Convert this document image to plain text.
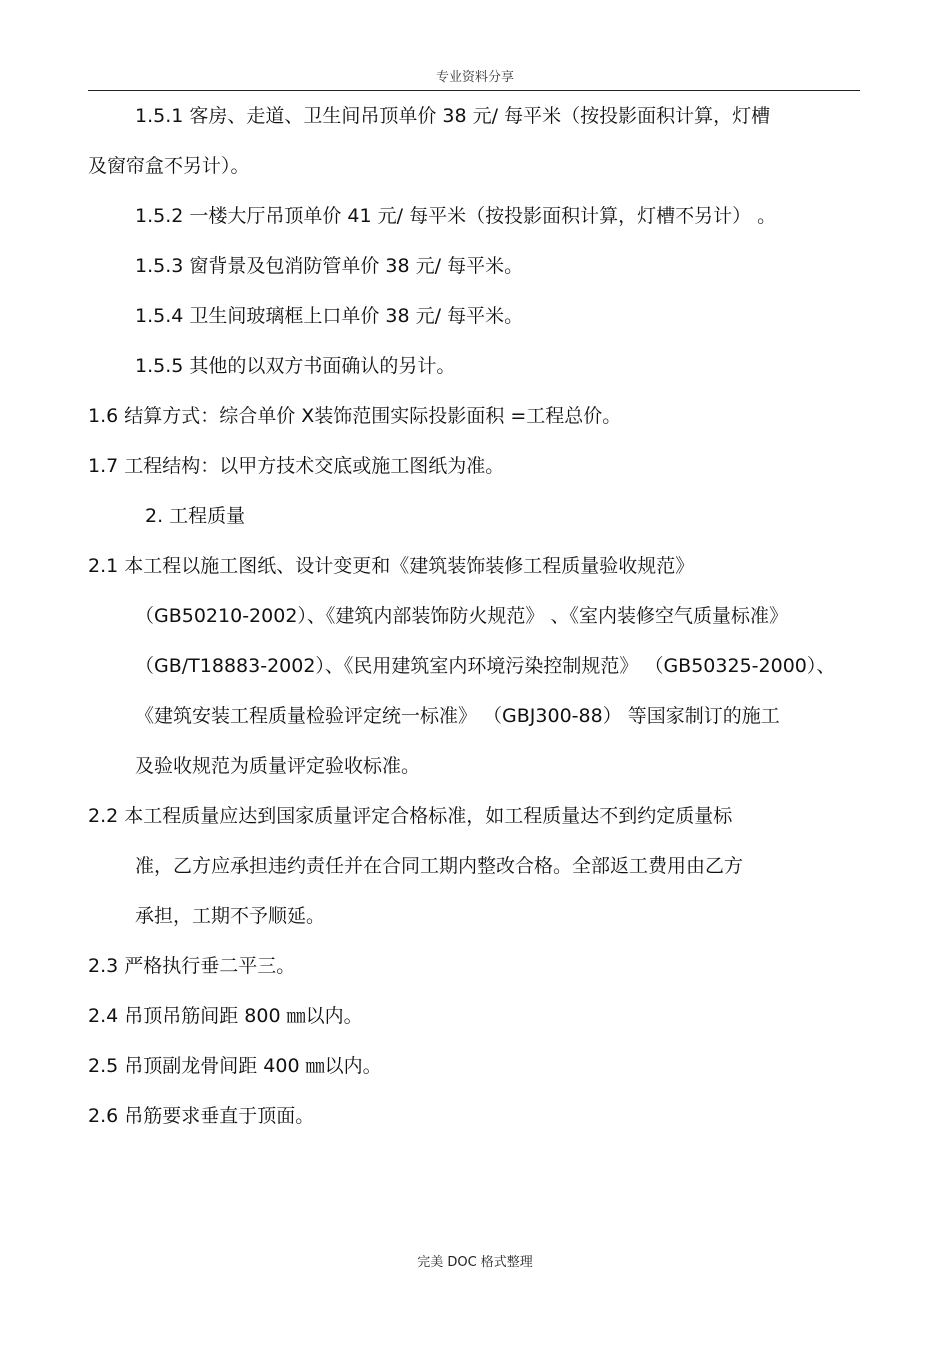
专业资料分享
1.5.1 客房、走道、卫生间吊顶单价 38 元/ 每平米（按投影面积计算，灯槽
及窗帘盒不另计）。
1.5.2 一楼大厅吊顶单价 41 元/ 每平米（按投影面积计算，灯槽不另计） 。
1.5.3 窗背景及包消防管单价 38 元/ 每平米。
1.5.4 卫生间玻璃框上口单价 38 元/ 每平米。
1.5.5 其他的以双方书面确认的另计。
1.6 结算方式：综合单价 X装饰范围实际投影面积 =工程总价。
1.7 工程结构：以甲方技术交底或施工图纸为准。
2. 工程质量
2.1 本工程以施工图纸、设计变更和《建筑装饰装修工程质量验收规范》
（GB50210-2002）、《建筑内部装饰防火规范》 、《室内装修空气质量标准》
（GB/T18883-2002）、《民用建筑室内环境污染控制规范》 （GB50325-2000）、
《建筑安装工程质量检验评定统一标准》 （GBJ300-88） 等国家制订的施工
及验收规范为质量评定验收标准。
2.2 本工程质量应达到国家质量评定合格标准，如工程质量达不到约定质量标
准，乙方应承担违约责任并在合同工期内整改合格。全部返工费用由乙方
承担，工期不予顺延。
2.3 严格执行垂二平三。
2.4 吊顶吊筋间距 800 ㎜以内。
2.5 吊顶副龙骨间距 400 ㎜以内。
2.6 吊筋要求垂直于顶面。
完美 DOC 格式整理
